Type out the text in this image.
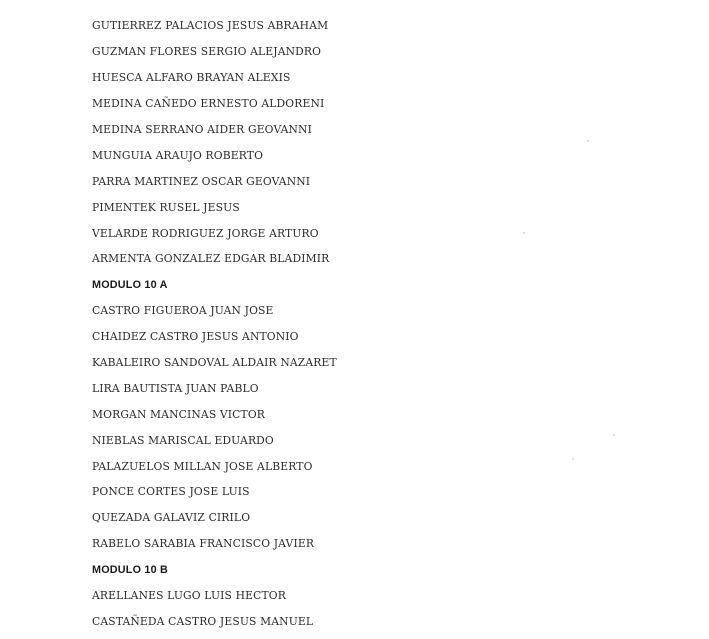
GUTIERREZ PALACIOS JESUS ABRAHAM
GUZMAN FLORES SERGIO ALEJANDRO
HUESCA ALFARO BRAYAN ALEXIS
MEDINA CAÑEDO ERNESTO ALDORENI
MEDINA SERRANO AIDER GEOVANNI
MUNGUIA ARAUJO ROBERTO
PARRA MARTINEZ OSCAR GEOVANNI
PIMENTEK RUSEL JESUS
VELARDE RODRIGUEZ JORGE ARTURO
ARMENTA GONZALEZ EDGAR BLADIMIR
MODULO 10 A
CASTRO FIGUEROA JUAN JOSE
CHAIDEZ CASTRO JESUS ANTONIO
KABALEIRO SANDOVAL ALDAIR NAZARET
LIRA BAUTISTA JUAN PABLO
MORGAN MANCINAS VICTOR
NIEBLAS MARISCAL EDUARDO
PALAZUELOS MILLAN JOSE ALBERTO
PONCE CORTES JOSE LUIS
QUEZADA GALAVIZ CIRILO
RABELO SARABIA FRANCISCO JAVIER
MODULO 10 B
ARELLANES LUGO LUIS HECTOR
CASTAÑEDA CASTRO JESUS MANUEL
